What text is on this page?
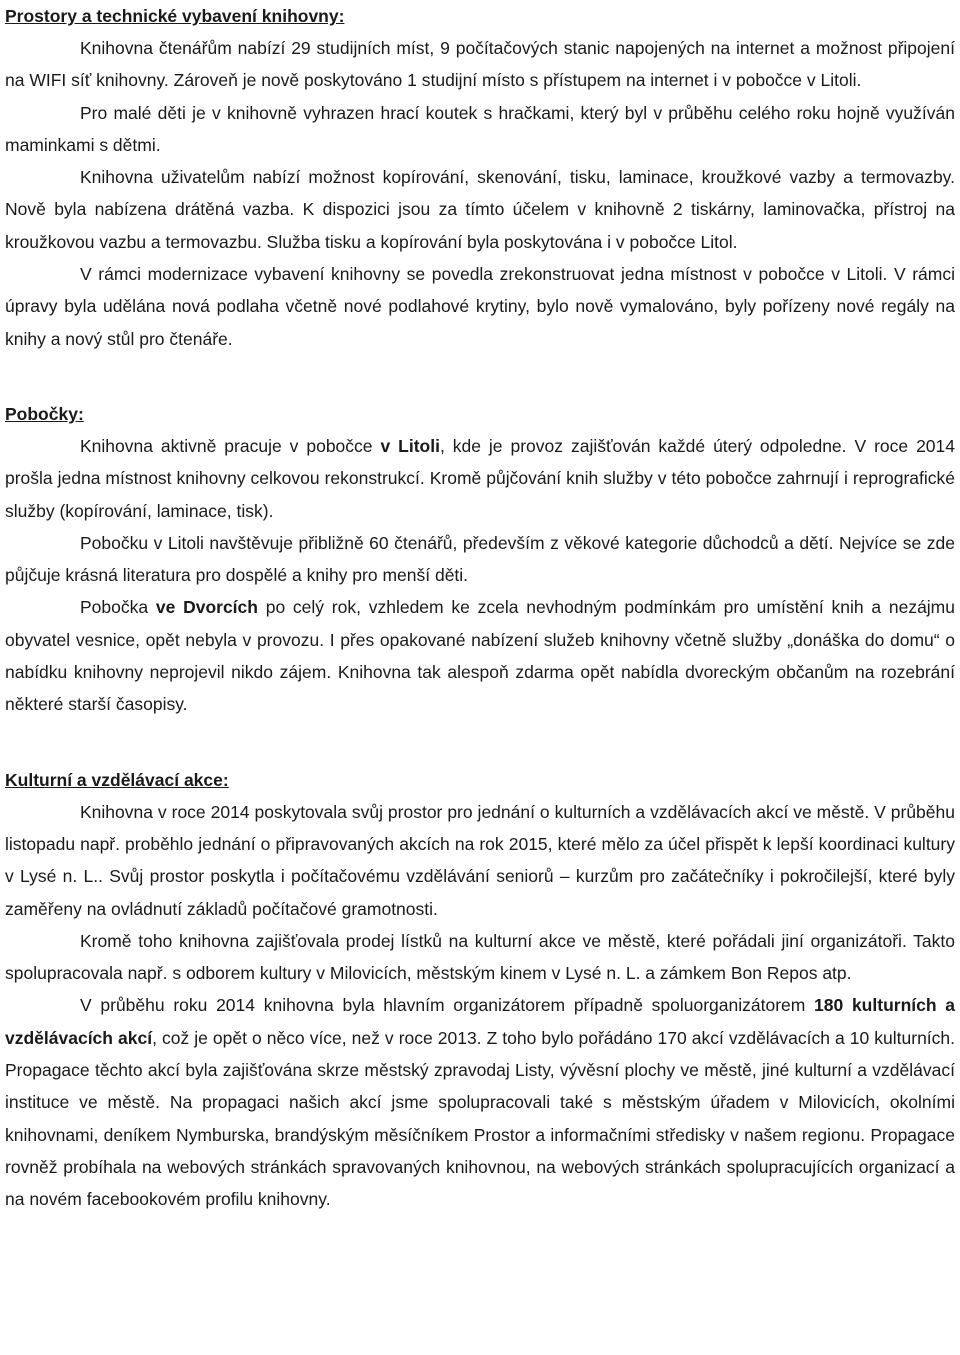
Prostory a technické vybavení knihovny:

Knihovna čtenářům nabízí 29 studijních míst, 9 počítačových stanic napojených na internet a možnost připojení na WIFI síť knihovny. Zároveň je nově poskytováno 1 studijní místo s přístupem na internet i v pobočce v Litoli.

Pro malé děti je v knihovně vyhrazen hrací koutek s hračkami, který byl v průběhu celého roku hojně využíván maminkami s dětmi.

Knihovna uživatelům nabízí možnost kopírování, skenování, tisku, laminace, kroužkové vazby a termovazby. Nově byla nabízena drátěná vazba. K dispozici jsou za tímto účelem v knihovně 2 tiskárny, laminovačka, přístroj na kroužkovou vazbu a termovazbu. Služba tisku a kopírování byla poskytována i v pobočce Litol.

V rámci modernizace vybavení knihovny se povedla zrekonstruovat jedna místnost v pobočce v Litoli. V rámci úpravy byla udělána nová podlaha včetně nové podlahové krytiny, bylo nově vymalováno, byly pořízeny nové regály na knihy a nový stůl pro čtenáře.

Pobočky:

Knihovna aktivně pracuje v pobočce v Litoli, kde je provoz zajišťován každé úterý odpoledne. V roce 2014 prošla jedna místnost knihovny celkovou rekonstrukcí. Kromě půjčování knih služby v této pobočce zahrnují i reprografické služby (kopírování, laminace, tisk).

Pobočku v Litoli navštěvuje přibližně 60 čtenářů, především z věkové kategorie důchodců a dětí. Nejvíce se zde půjčuje krásná literatura pro dospělé a knihy pro menší děti.

Pobočka ve Dvorcích po celý rok, vzhledem ke zcela nevhodným podmínkám pro umístění knih a nezájmu obyvatel vesnice, opět nebyla v provozu. I přes opakované nabízení služeb knihovny včetně služby „donáška do domu“ o nabídku knihovny neprojevil nikdo zájem. Knihovna tak alespoň zdarma opět nabídla dvoreckým občanům na rozebrání některé starší časopisy.

Kulturní a vzdělávací akce:

Knihovna v roce 2014 poskytovala svůj prostor pro jednání o kulturních a vzdělávacích akcí ve městě. V průběhu listopadu např. proběhlo jednání o připravovaných akcích na rok 2015, které mělo za účel přispět k lepší koordinaci kultury v Lysé n. L.. Svůj prostor poskytla i počítačovému vzdělávání seniorů – kurzům pro začátečníky i pokročilejší, které byly zaměřeny na ovládnutí základů počítačové gramotnosti.

Kromě toho knihovna zajišťovala prodej lístků na kulturní akce ve městě, které pořádali jiní organizátoři. Takto spolupracovala např. s odborem kultury v Milovicích, městským kinem v Lysé n. L. a zámkem Bon Repos atp.

V průběhu roku 2014 knihovna byla hlavním organizátorem případně spoluorganizátorem 180 kulturních a vzdělávacích akcí, což je opět o něco více, než v roce 2013. Z toho bylo pořádáno 170 akcí vzdělávacích a 10 kulturních. Propagace těchto akcí byla zajišťována skrze městský zpravodaj Listy, vývěsní plochy ve městě, jiné kulturní a vzdělávací instituce ve městě. Na propagaci našich akcí jsme spolupracovali také s městským úřadem v Milovicích, okolními knihovnami, deníkem Nymburska, brandýským měsíčníkem Prostor a informačními středisky v našem regionu. Propagace rovněž probíhala na webových stránkách spravovaných knihovnou, na webových stránkách spolupracujících organizací a na novém facebookovém profilu knihovny.
